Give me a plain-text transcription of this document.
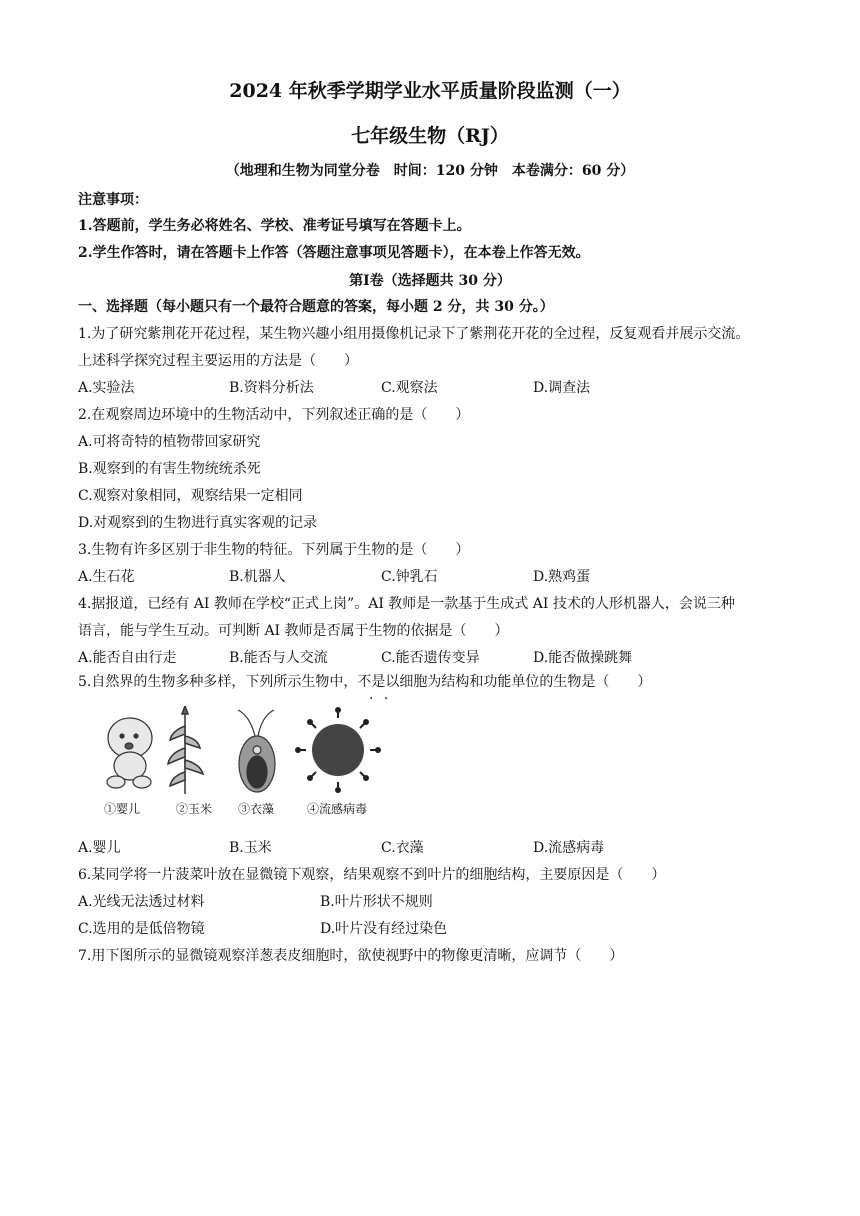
2024 年秋季学期学业水平质量阶段监测（一）
七年级生物（RJ）
（地理和生物为同堂分卷　时间：120 分钟　本卷满分：60 分）
注意事项：
1.答题前，学生务必将姓名、学校、准考证号填写在答题卡上。
2.学生作答时，请在答题卡上作答（答题注意事项见答题卡），在本卷上作答无效。
第Ⅰ卷（选择题共 30 分）
一、选择题（每小题只有一个最符合题意的答案，每小题 2 分，共 30 分。）
1.为了研究紫荆花开花过程，某生物兴趣小组用摄像机记录下了紫荆花开花的全过程，反复观看并展示交流。
上述科学探究过程主要运用的方法是（　　）
A.实验法	B.资料分析法	C.观察法	D.调查法
2.在观察周边环境中的生物活动中，下列叙述正确的是（　　）
A.可将奇特的植物带回家研究
B.观察到的有害生物统统杀死
C.观察对象相同，观察结果一定相同
D.对观察到的生物进行真实客观的记录
3.生物有许多区别于非生物的特征。下列属于生物的是（　　）
A.生石花	B.机器人	C.钟乳石	D.熟鸡蛋
4.据报道，已经有 AI 教师在学校“正式上岗”。AI 教师是一款基于生成式 AI 技术的人形机器人，会说三种
语言，能与学生互动。可判断 AI 教师是否属于生物的依据是（　　）
A.能否自由行走	B.能否与人交流	C.能否遗传变异	D.能否做操跳舞
5.自然界的生物多种多样，下列所示生物中，不是以细胞为结构和功能单位的生物是（　　）
· ·
①婴儿	②玉米 ③衣藻	④流感病毒
A.婴儿	B.玉米	C.衣藻	D.流感病毒
6.某同学将一片菠菜叶放在显微镜下观察，结果观察不到叶片的细胞结构，主要原因是（　　）
A.光线无法透过材料	B.叶片形状不规则
C.选用的是低倍物镜	D.叶片没有经过染色
7.用下图所示的显微镜观察洋葱表皮细胞时，欲使视野中的物像更清晰，应调节（　　）
